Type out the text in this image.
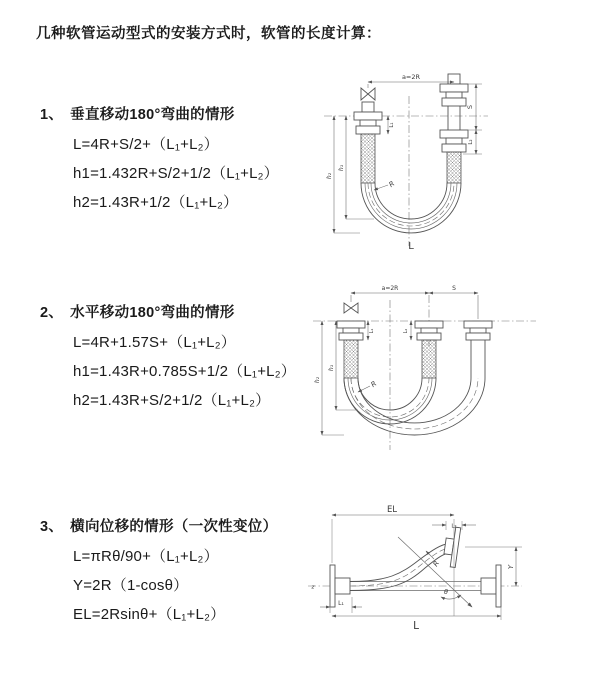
几种软管运动型式的安装方式时，软管的长度计算：
1、 垂直移动180°弯曲的情形
L=4R+S/2+（L₁+L₂）
h1=1.432R+S/2+1/2（L₁+L₂）
h2=1.43R+1/2（L₁+L₂）
2、 水平移动180°弯曲的情形
L=4R+1.57S+（L₁+L₂）
h1=1.43R+0.785S+1/2（L₁+L₂）
h2=1.43R+S/2+1/2（L₁+L₂）
3、 横向位移的情形（一次性变位）
L=πRθ/90+（L₁+L₂）
Y=2R（1-cosθ）
EL=2Rsinθ+（L₁+L₂）
a=2R
h₁
h₂
S
L₂
L₁
R
L
a=2R	S
h₁
h₂
L₁	L₂
R
z
EL
L₂
θ
R	Y
L₁
L
